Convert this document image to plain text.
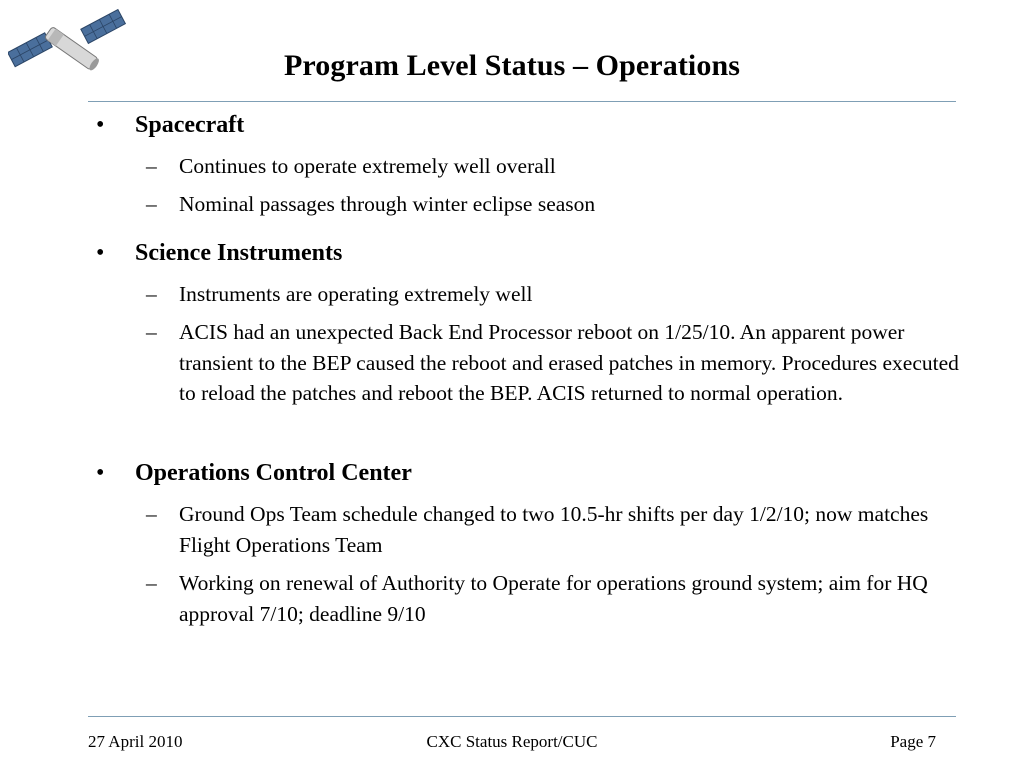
Program Level Status – Operations
• Spacecraft
– Continues to operate extremely well overall
– Nominal passages through winter eclipse season
• Science Instruments
– Instruments are operating extremely well
– ACIS had an unexpected Back End Processor reboot on 1/25/10. An apparent power transient to the BEP caused the reboot and erased patches in memory. Procedures executed to reload the patches and reboot the BEP. ACIS returned to normal operation.
• Operations Control Center
– Ground Ops Team schedule changed to two 10.5-hr shifts per day 1/2/10; now matches Flight Operations Team
– Working on renewal of Authority to Operate for operations ground system; aim for HQ approval 7/10; deadline 9/10
27 April 2010	CXC Status Report/CUC	Page 7
